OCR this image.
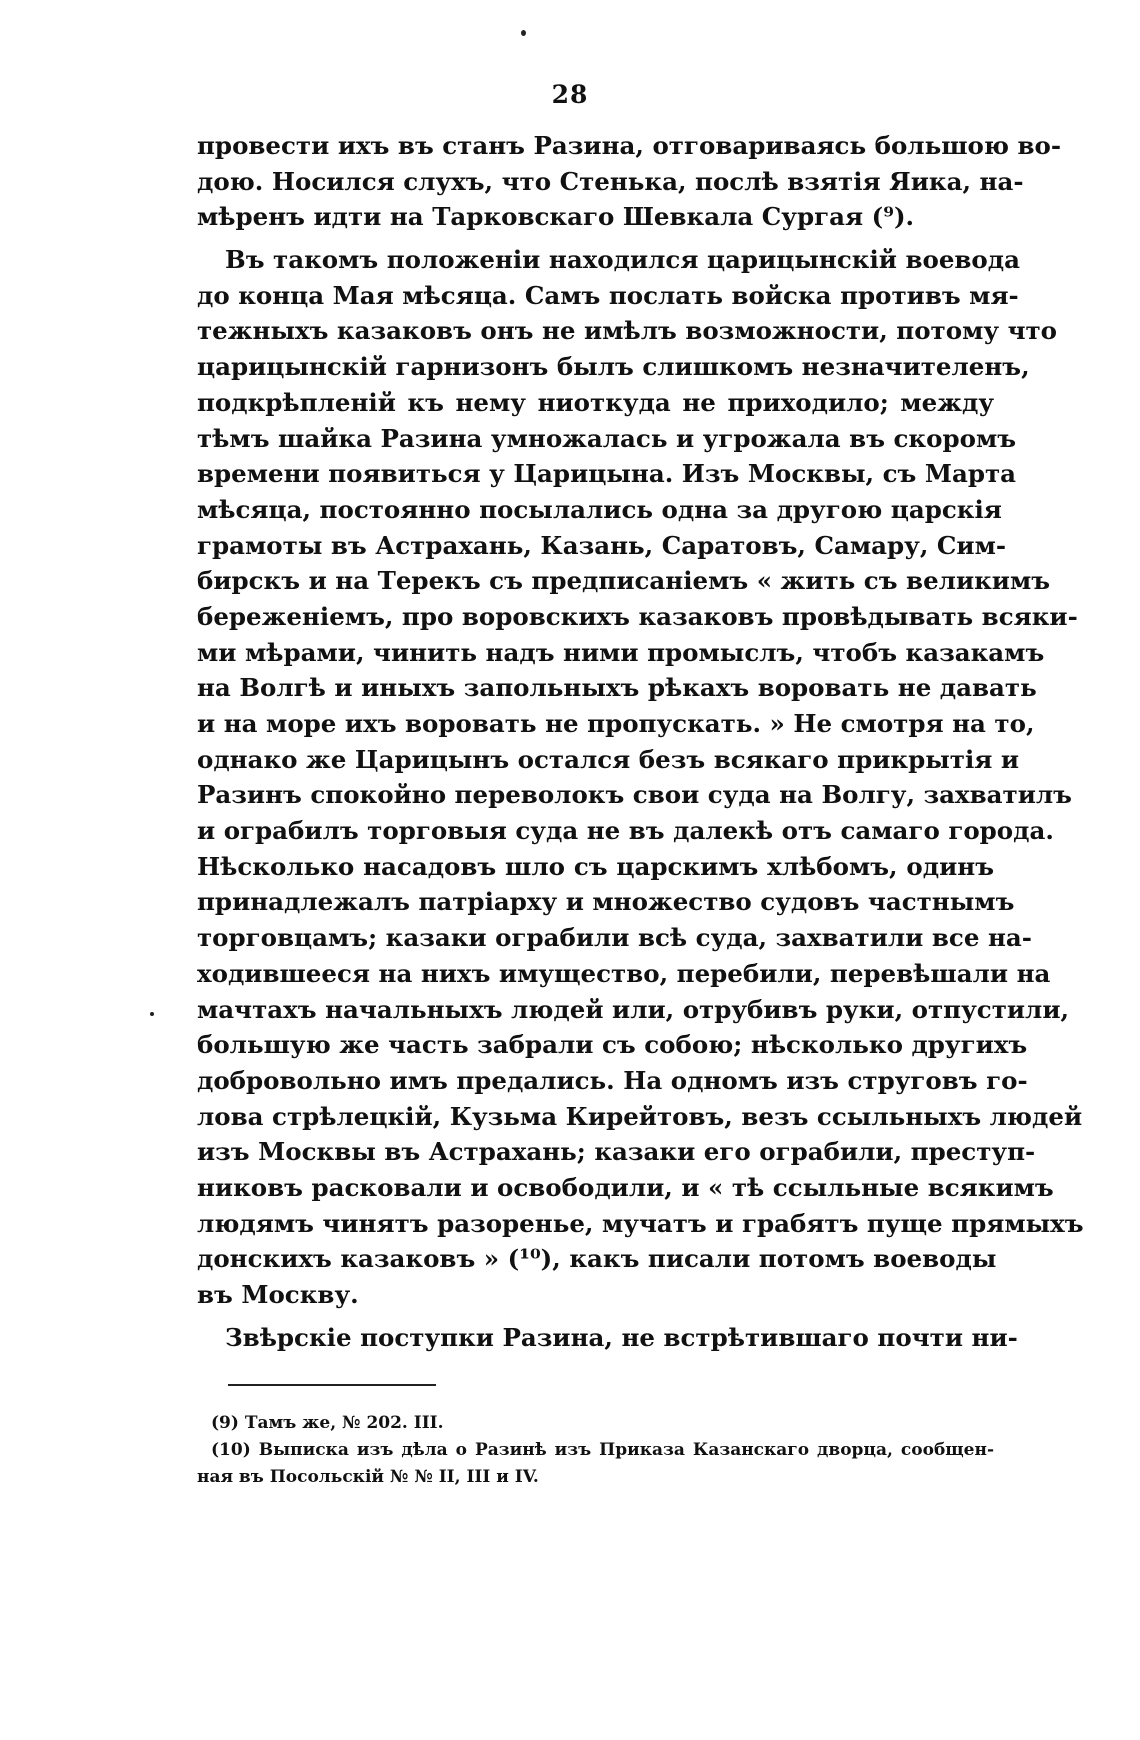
28
провести ихъ въ станъ Разина, отговариваясь большою во-
дою. Носился слухъ, что Стенька, послѣ взятія Яика, на-
мѣренъ идти на Тарковскаго Шевкала Сургая (⁹).
Въ такомъ положеніи находился царицынскій воевода
до конца Мая мѣсяца. Самъ послать войска противъ мя-
тежныхъ казаковъ онъ не имѣлъ возможности, потому что
царицынскій гарнизонъ былъ слишкомъ незначителенъ,
подкрѣпленій къ нему ниоткуда не приходило; между
тѣмъ шайка Разина умножалась и угрожала въ скоромъ
времени появиться у Царицына. Изъ Москвы, съ Марта
мѣсяца, постоянно посылались одна за другою царскія
грамоты въ Астрахань, Казань, Саратовъ, Самару, Сим-
бирскъ и на Терекъ съ предписаніемъ « жить съ великимъ
береженіемъ, про воровскихъ казаковъ провѣдывать всяки-
ми мѣрами, чинить надъ ними промыслъ, чтобъ казакамъ
на Волгѣ и иныхъ запольныхъ рѣкахъ воровать не давать
и на море ихъ воровать не пропускать. » Не смотря на то,
однако же Царицынъ остался безъ всякаго прикрытія и
Разинъ спокойно переволокъ свои суда на Волгу, захватилъ
и ограбилъ торговыя суда не въ далекѣ отъ самаго города.
Нѣсколько насадовъ шло съ царскимъ хлѣбомъ, одинъ
принадлежалъ патріарху и множество судовъ частнымъ
торговцамъ; казаки ограбили всѣ суда, захватили все на-
ходившееся на нихъ имущество, перебили, перевѣшали на
мачтахъ начальныхъ людей или, отрубивъ руки, отпустили,
большую же часть забрали съ собою; нѣсколько другихъ
добровольно имъ предались. На одномъ изъ струговъ го-
лова стрѣлецкій, Кузьма Кирейтовъ, везъ ссыльныхъ людей
изъ Москвы въ Астрахань; казаки его ограбили, преступ-
никовъ расковали и освободили, и « тѣ ссыльные всякимъ
людямъ чинятъ разоренье, мучатъ и грабятъ пуще прямыхъ
донскихъ казаковъ » (¹⁰), какъ писали потомъ воеводы
въ Москву.
Звѣрскіе поступки Разина, не встрѣтившаго почти ни-
(9) Тамъ же, № 202. III.
(10) Выписка изъ дѣла о Разинѣ изъ Приказа Казанскаго дворца, сообщен-
ная въ Посольскій № № II, III и IV.
